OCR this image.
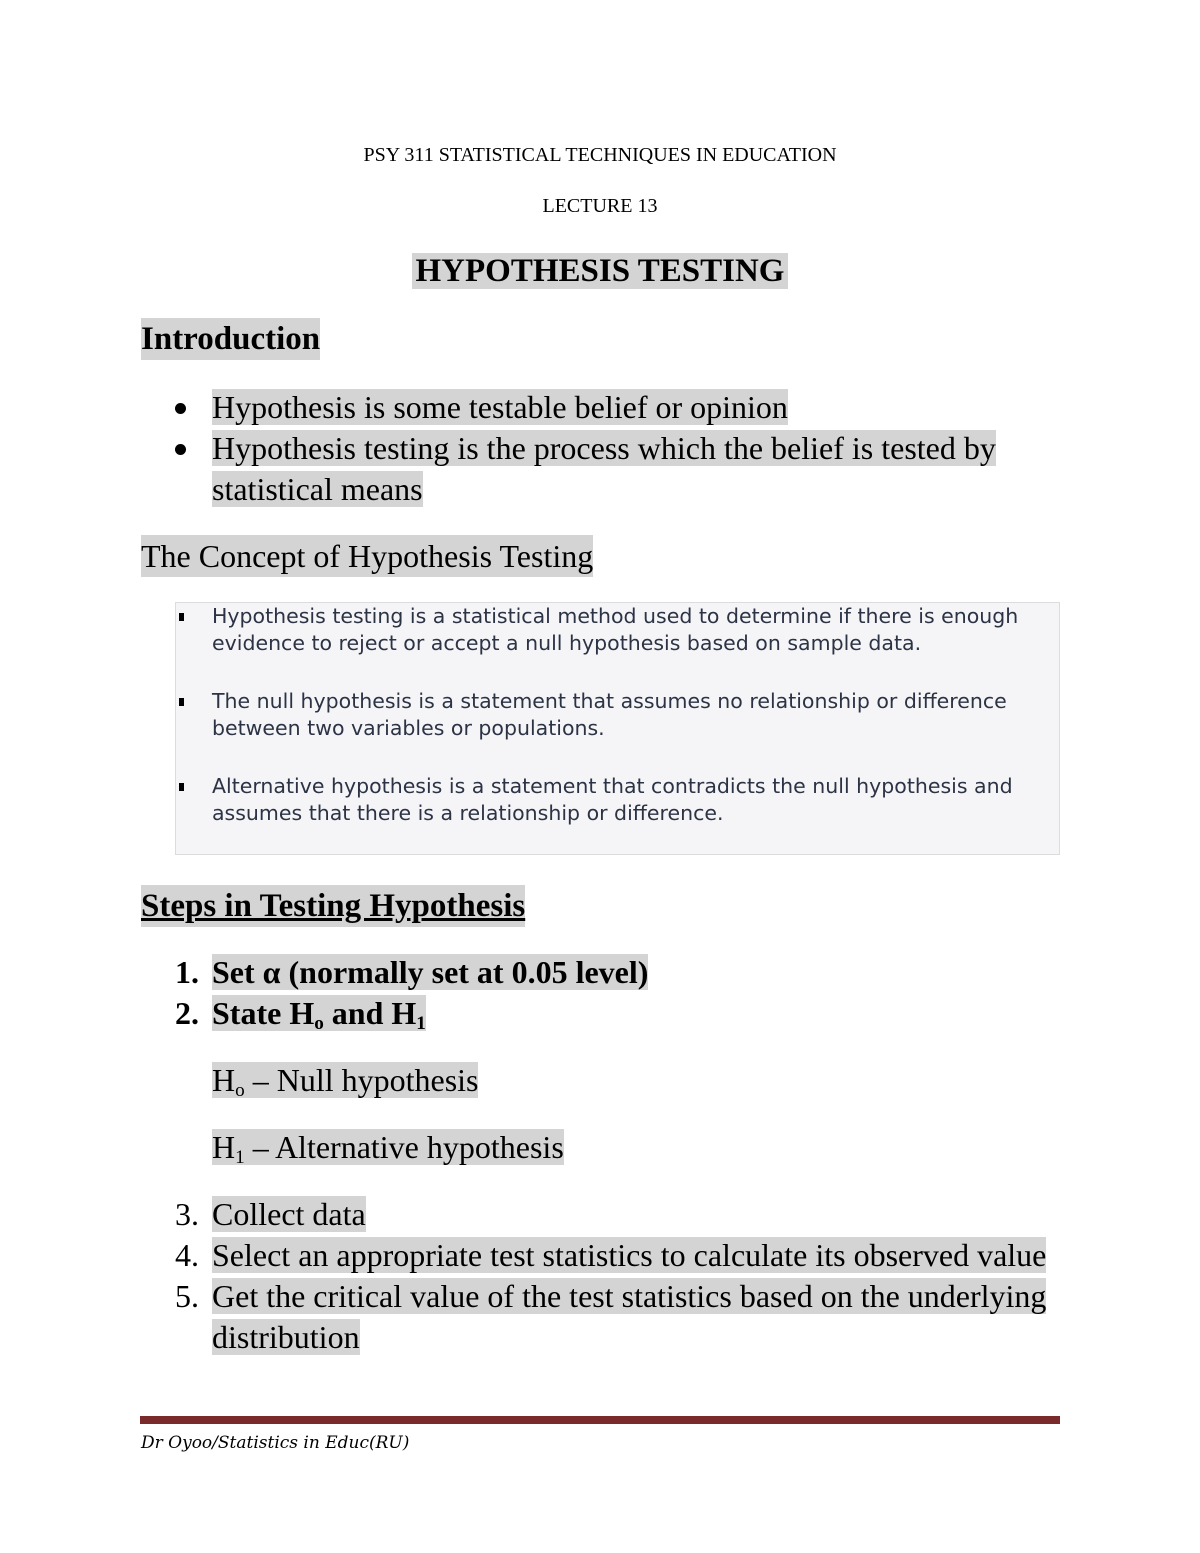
PSY 311 STATISTICAL TECHNIQUES IN EDUCATION
LECTURE 13
HYPOTHESIS TESTING
Introduction
Hypothesis is some testable belief or opinion
Hypothesis testing is the process which the belief is tested by statistical means
The Concept of Hypothesis Testing
Hypothesis testing is a statistical method used to determine if there is enough evidence to reject or accept a null hypothesis based on sample data.
The null hypothesis is a statement that assumes no relationship or difference between two variables or populations.
Alternative hypothesis is a statement that contradicts the null hypothesis and assumes that there is a relationship or difference.
Steps in Testing Hypothesis
1. Set α (normally set at 0.05 level)
2. State $H_o$ and $H_1$
$H_o$ – Null hypothesis
$H_1$ – Alternative hypothesis
3. Collect data
4. Select an appropriate test statistics to calculate its observed value
5. Get the critical value of the test statistics based on the underlying distribution
Dr Oyoo/Statistics in Educ(RU)
